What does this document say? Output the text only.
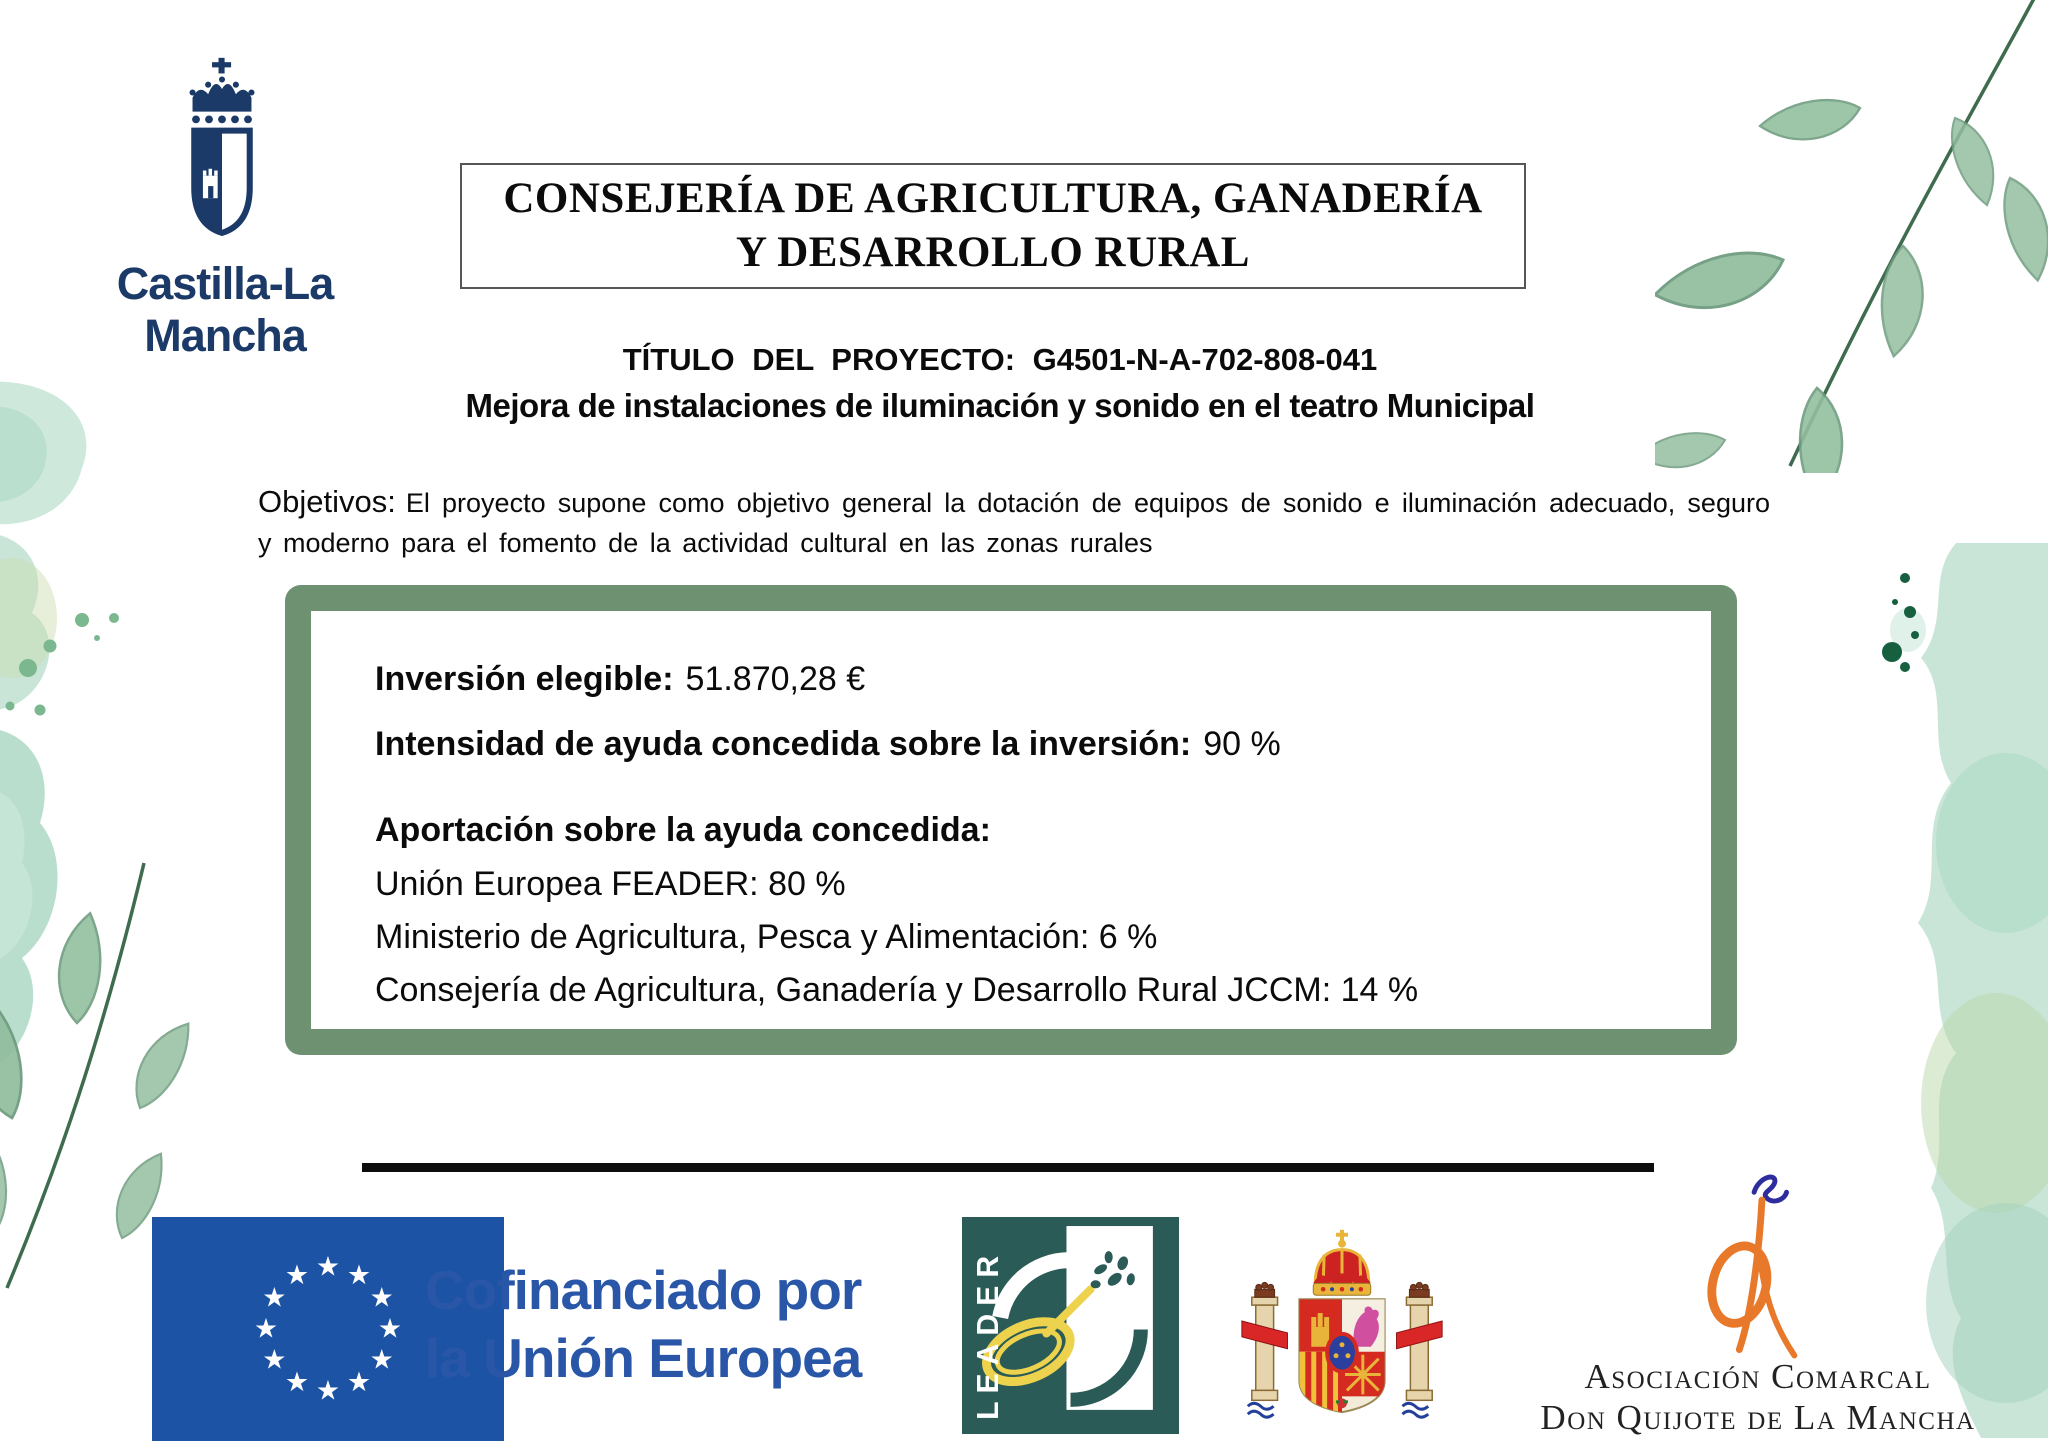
Castilla-La Mancha
CONSEJERÍA DE AGRICULTURA, GANADERÍA
Y DESARROLLO RURAL
TÍTULO DEL PROYECTO: G4501-N-A-702-808-041
Mejora de instalaciones de iluminación y sonido en el teatro Municipal
Objetivos: El proyecto supone como objetivo general la dotación de equipos de sonido e iluminación adecuado, seguro y moderno para el fomento de la actividad cultural en las zonas rurales
Inversión elegible: 51.870,28 €
Intensidad de ayuda concedida sobre la inversión: 90 %
Aportación sobre la ayuda concedida:
Unión Europea FEADER: 80 %
Ministerio de Agricultura, Pesca y Alimentación: 6 %
Consejería de Agricultura, Ganadería y Desarrollo Rural JCCM: 14 %
★ ★
★
★
★
★
★
★
★
★
★
★ Cofinanciado por
la Unión Europea	LEADER	Asociación Comarcal
Don Quijote de La Mancha
